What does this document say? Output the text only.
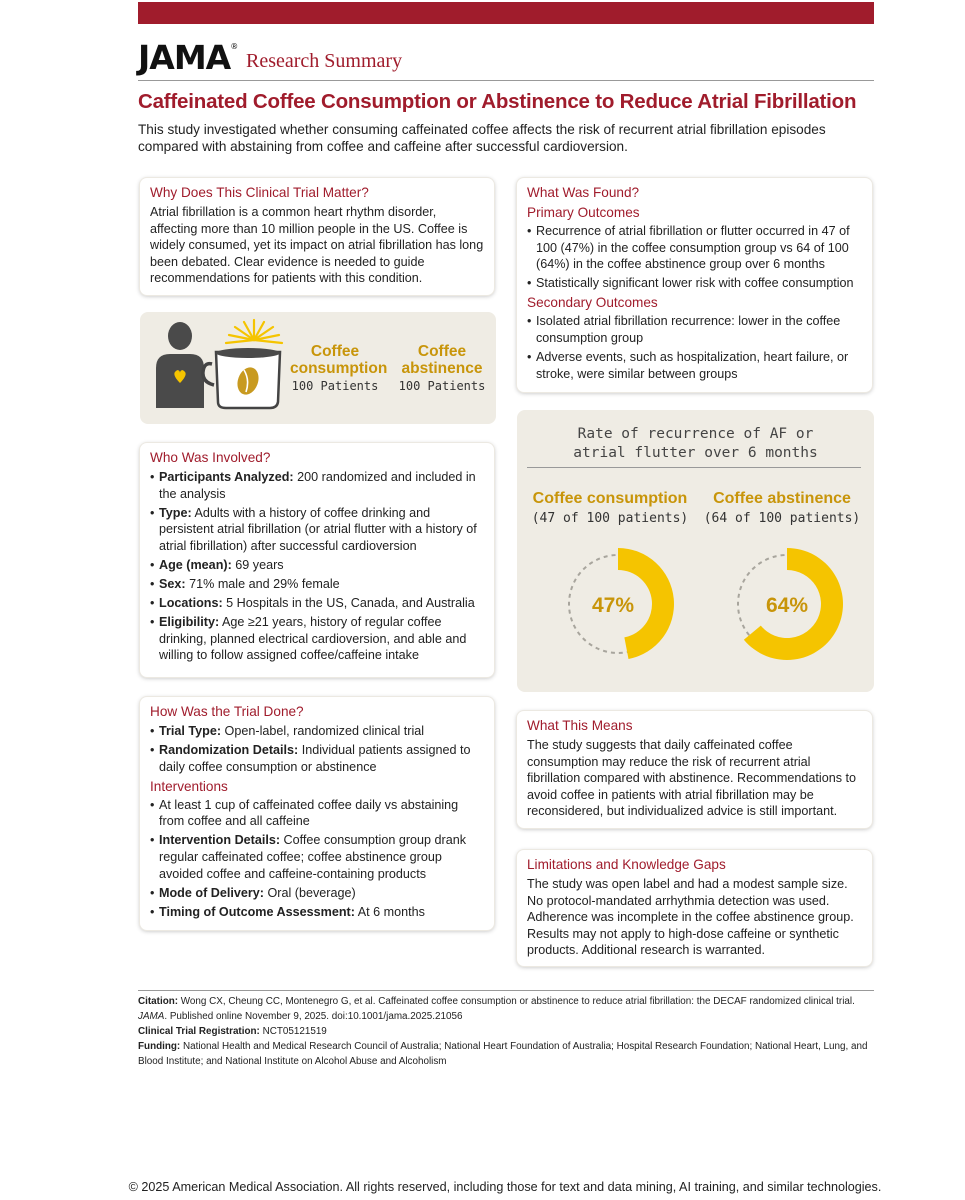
JAMA®
Research Summary
Caffeinated Coffee Consumption or Abstinence to Reduce Atrial Fibrillation
This study investigated whether consuming caffeinated coffee affects the risk of recurrent atrial fibrillation episodes compared with abstaining from coffee and caffeine after successful cardioversion.
Why Does This Clinical Trial Matter?

Atrial fibrillation is a common heart rhythm disorder, affecting more than 10 million people in the US. Coffee is widely consumed, yet its impact on atrial fibrillation has long been debated. Clear evidence is needed to guide recommendations for patients with this condition.

Coffee
consumption
100 Patients
Coffee
abstinence
100 Patients
Who Was Involved?
• Participants Analyzed: 200 randomized and included in the analysis
• Type: Adults with a history of coffee drinking and persistent atrial fibrillation (or atrial flutter with a history of atrial fibrillation) after successful cardioversion
• Age (mean): 69 years
• Sex: 71% male and 29% female
• Locations: 5 Hospitals in the US, Canada, and Australia
• Eligibility: Age ≥21 years, history of regular coffee drinking, planned electrical cardioversion, and able and willing to follow assigned coffee/caffeine intake
How Was the Trial Done?
• Trial Type: Open-label, randomized clinical trial
• Randomization Details: Individual patients assigned to daily coffee consumption or abstinence
Interventions
• At least 1 cup of caffeinated coffee daily vs abstaining from coffee and all caffeine
• Intervention Details: Coffee consumption group drank regular caffeinated coffee; coffee abstinence group avoided coffee and caffeine-containing products
• Mode of Delivery: Oral (beverage)
• Timing of Outcome Assessment: At 6 months
What Was Found?
Primary Outcomes
• Recurrence of atrial fibrillation or flutter occurred in 47 of 100 (47%) in the coffee consumption group vs 64 of 100 (64%) in the coffee abstinence group over 6 months
• Statistically significant lower risk with coffee consumption
Secondary Outcomes
• Isolated atrial fibrillation recurrence: lower in the coffee consumption group
• Adverse events, such as hospitalization, heart failure, or stroke, were similar between groups
Rate of recurrence of AF or
atrial flutter over 6 months
Coffee consumption
(47 of 100 patients)
Coffee abstinence
(64 of 100 patients)
47%	64%
What This Means

The study suggests that daily caffeinated coffee consumption may reduce the risk of recurrent atrial fibrillation compared with abstinence. Recommendations to avoid coffee in patients with atrial fibrillation may be reconsidered, but individualized advice is still important.

Limitations and Knowledge Gaps

The study was open label and had a modest sample size. No protocol-mandated arrhythmia detection was used. Adherence was incomplete in the coffee abstinence group. Results may not apply to high-dose caffeine or synthetic products. Additional research is warranted.

Citation: Wong CX, Cheung CC, Montenegro G, et al. Caffeinated coffee consumption or abstinence to reduce atrial fibrillation: the DECAF randomized clinical trial. JAMA. Published online November 9, 2025. doi:10.1001/jama.2025.21056
Clinical Trial Registration: NCT05121519
Funding: National Health and Medical Research Council of Australia; National Heart Foundation of Australia; Hospital Research Foundation; National Heart, Lung, and Blood Institute; and National Institute on Alcohol Abuse and Alcoholism
© 2025 American Medical Association. All rights reserved, including those for text and data mining, AI training, and similar technologies.
